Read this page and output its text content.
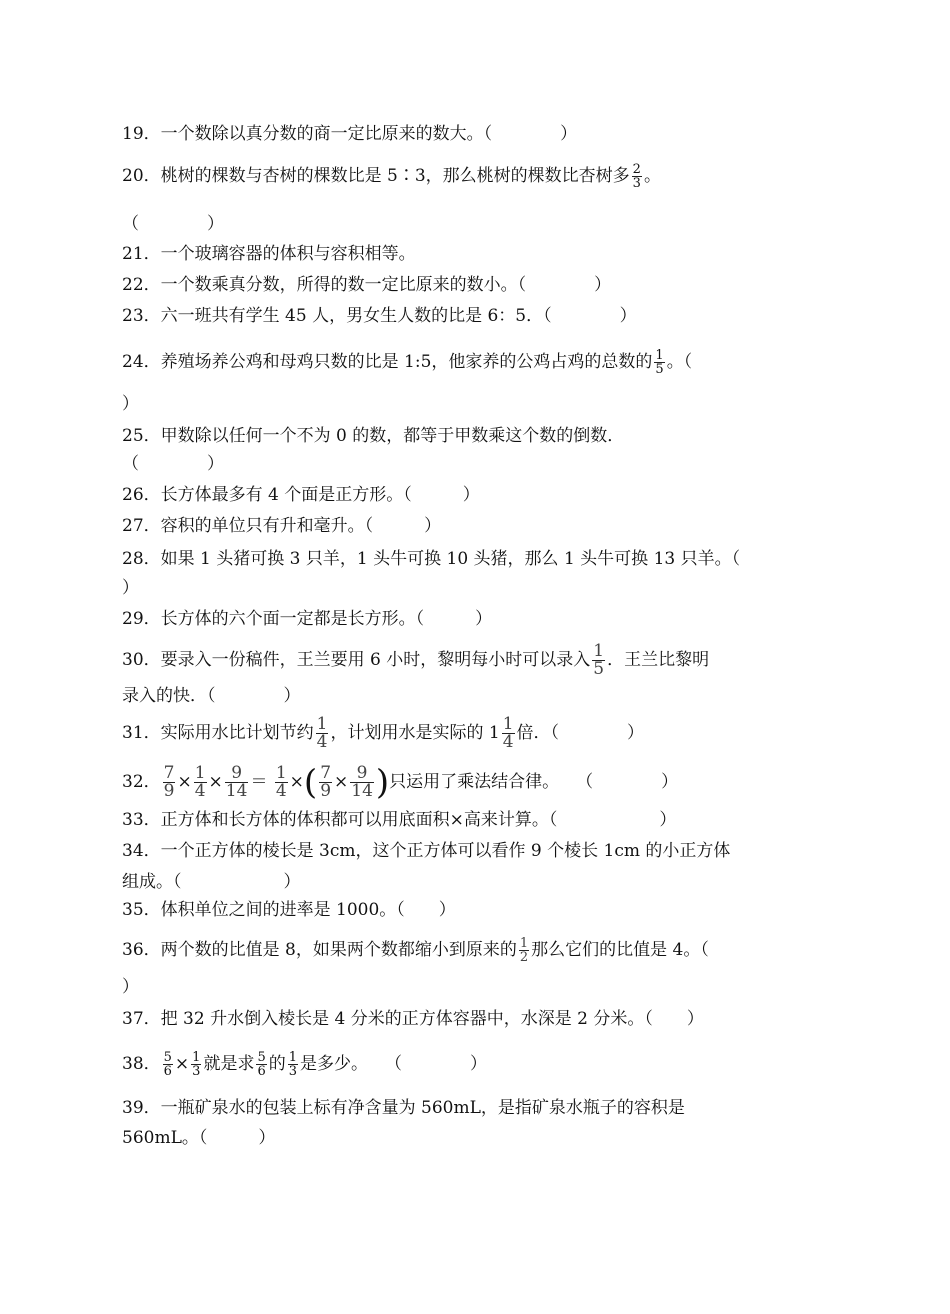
19．一个数除以真分数的商一定比原来的数大。（　　　　）
20．桃树的棵数与杏树的棵数比是 5∶3，那么桃树的棵数比杏树多 $\frac{2}{3}$ 。
（　　　　）
21．一个玻璃容器的体积与容积相等。
22．一个数乘真分数，所得的数一定比原来的数小。（　　　　）
23．六一班共有学生 45 人，男女生人数的比是 6：5．（　　　　）
24．养殖场养公鸡和母鸡只数的比是 1:5，他家养的公鸡占鸡的总数的 $\frac{1}{5}$ 。（
）
25．甲数除以任何一个不为 0 的数，都等于甲数乘这个数的倒数．
（　　　　）
26．长方体最多有 4 个面是正方形。（　　　）
27．容积的单位只有升和毫升。（　　　）
28．如果 1 头猪可换 3 只羊，1 头牛可换 10 头猪，那么 1 头牛可换 13 只羊。（
）
29．长方体的六个面一定都是长方形。（　　　）
30．要录入一份稿件，王兰要用 6 小时，黎明每小时可以录入 $\frac{1}{5}$ ．王兰比黎明
录入的快．（　　　　）
31．实际用水比计划节约 $\frac{1}{4}$ ，计划用水是实际的 $1 \frac{1}{4}$ 倍．（　　　　）
32． $\frac{7}{9} \times \frac{1}{4} \times \frac{9}{14} = \frac{1}{4}$ ×( $\frac{7}{9} \times \frac{9}{14}$ )只运用了乘法结合律。　　（　　　　）
33．正方体和长方体的体积都可以用底面积×高来计算。（　　　　　　）
34．一个正方体的棱长是 3cm，这个正方体可以看作 9 个棱长 1cm 的小正方体
组成。（　　　　　　）
35．体积单位之间的进率是 1000。（　　）
36．两个数的比值是 8，如果两个数都缩小到原来的 $\frac{1}{2}$ 那么它们的比值是 4。（
）
37．把 32 升水倒入棱长是 4 分米的正方体容器中，水深是 2 分米。（　　）
38． $\frac{5}{6} \times \frac{1}{3}$ 就是求 $\frac{5}{6}$ 的 $\frac{1}{3}$ 是多少。　　（　　　　）
39．一瓶矿泉水的包装上标有净含量为 560mL，是指矿泉水瓶子的容积是
560mL。（　　　）
